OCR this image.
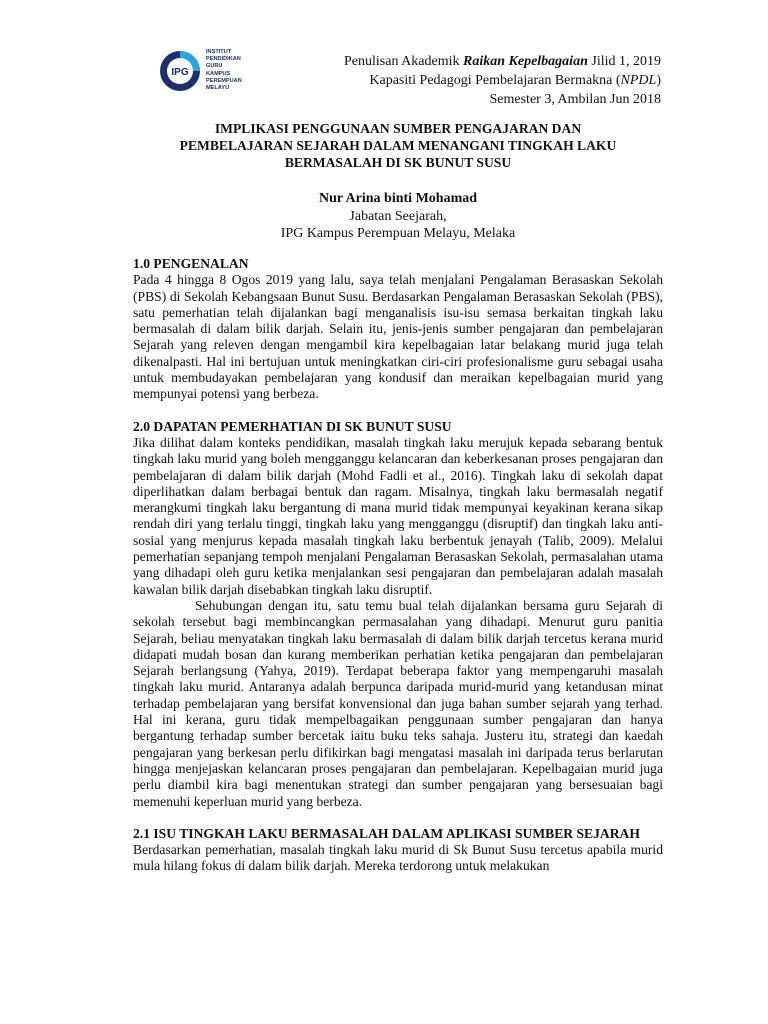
IPG
INSTITUT
PENDIDIKAN
GURU
KAMPUS
PEREMPUAN
MELAYU
Penulisan Akademik Raikan Kepelbagaian Jilid 1, 2019
Kapasiti Pedagogi Pembelajaran Bermakna (NPDL)
Semester 3, Ambilan Jun 2018
IMPLIKASI PENGGUNAAN SUMBER PENGAJARAN DAN
PEMBELAJARAN SEJARAH DALAM MENANGANI TINGKAH LAKU
BERMASALAH DI SK BUNUT SUSU
Nur Arina binti Mohamad
Jabatan Seejarah,
IPG Kampus Perempuan Melayu, Melaka
1.0 PENGENALAN

Pada 4 hingga 8 Ogos 2019 yang lalu, saya telah menjalani Pengalaman Berasaskan Sekolah (PBS) di Sekolah Kebangsaan Bunut Susu. Berdasarkan Pengalaman Berasaskan Sekolah (PBS), satu pemerhatian telah dijalankan bagi menganalisis isu-isu semasa berkaitan tingkah laku bermasalah di dalam bilik darjah. Selain itu, jenis-jenis sumber pengajaran dan pembelajaran Sejarah yang releven dengan mengambil kira kepelbagaian latar belakang murid juga telah dikenalpasti. Hal ini bertujuan untuk meningkatkan ciri-ciri profesionalisme guru sebagai usaha untuk membudayakan pembelajaran yang kondusif dan meraikan kepelbagaian murid yang mempunyai potensi yang berbeza.

2.0 DAPATAN PEMERHATIAN DI SK BUNUT SUSU

Jika dilihat dalam konteks pendidikan, masalah tingkah laku merujuk kepada sebarang bentuk tingkah laku murid yang boleh mengganggu kelancaran dan keberkesanan proses pengajaran dan pembelajaran di dalam bilik darjah (Mohd Fadli et al., 2016). Tingkah laku di sekolah dapat diperlihatkan dalam berbagai bentuk dan ragam. Misalnya, tingkah laku bermasalah negatif merangkumi tingkah laku bergantung di mana murid tidak mempunyai keyakinan kerana sikap rendah diri yang terlalu tinggi, tingkah laku yang mengganggu (disruptif) dan tingkah laku anti-sosial yang menjurus kepada masalah tingkah laku berbentuk jenayah (Talib, 2009). Melalui pemerhatian sepanjang tempoh menjalani Pengalaman Berasaskan Sekolah, permasalahan utama yang dihadapi oleh guru ketika menjalankan sesi pengajaran dan pembelajaran adalah masalah kawalan bilik darjah disebabkan tingkah laku disruptif.

Sehubungan dengan itu, satu temu bual telah dijalankan bersama guru Sejarah di sekolah tersebut bagi membincangkan permasalahan yang dihadapi. Menurut guru panitia Sejarah, beliau menyatakan tingkah laku bermasalah di dalam bilik darjah tercetus kerana murid didapati mudah bosan dan kurang memberikan perhatian ketika pengajaran dan pembelajaran Sejarah berlangsung (Yahya, 2019). Terdapat beberapa faktor yang mempengaruhi masalah tingkah laku murid. Antaranya adalah berpunca daripada murid-murid yang ketandusan minat terhadap pembelajaran yang bersifat konvensional dan juga bahan sumber sejarah yang terhad. Hal ini kerana, guru tidak mempelbagaikan penggunaan sumber pengajaran dan hanya bergantung terhadap sumber bercetak iaitu buku teks sahaja. Justeru itu, strategi dan kaedah pengajaran yang berkesan perlu difikirkan bagi mengatasi masalah ini daripada terus berlarutan hingga menjejaskan kelancaran proses pengajaran dan pembelajaran. Kepelbagaian murid juga perlu diambil kira bagi menentukan strategi dan sumber pengajaran yang bersesuaian bagi memenuhi keperluan murid yang berbeza.

2.1 ISU TINGKAH LAKU BERMASALAH DALAM APLIKASI SUMBER SEJARAH

Berdasarkan pemerhatian, masalah tingkah laku murid di Sk Bunut Susu tercetus apabila murid mula hilang fokus di dalam bilik darjah. Mereka terdorong untuk melakukan
